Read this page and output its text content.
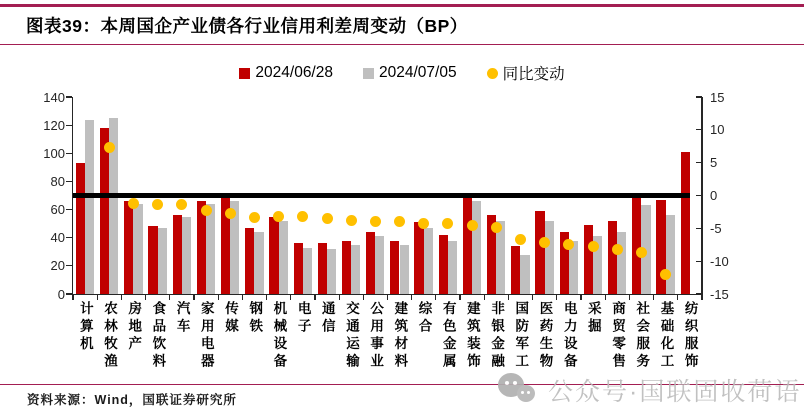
图表39：本周国企产业债各行业信用利差周变动（BP）
2024/06/28	2024/07/05	同比变动
0
20
40
60
80
100
120
140
-15
-10
-5
0
5
10
15
计算机 农林牧渔 房地产 食品饮料 汽车 家用电器 传媒 钢铁 机械设备 电子 通信 交通运输 公用事业 建筑材料 综合 有色金属 建筑装饰 非银金融 国防军工 医药生物 电力设备 采掘 商贸零售 社会服务 基础化工 纺织服饰
资料来源：Wind，国联证券研究所	公众号·国联固收荷语
